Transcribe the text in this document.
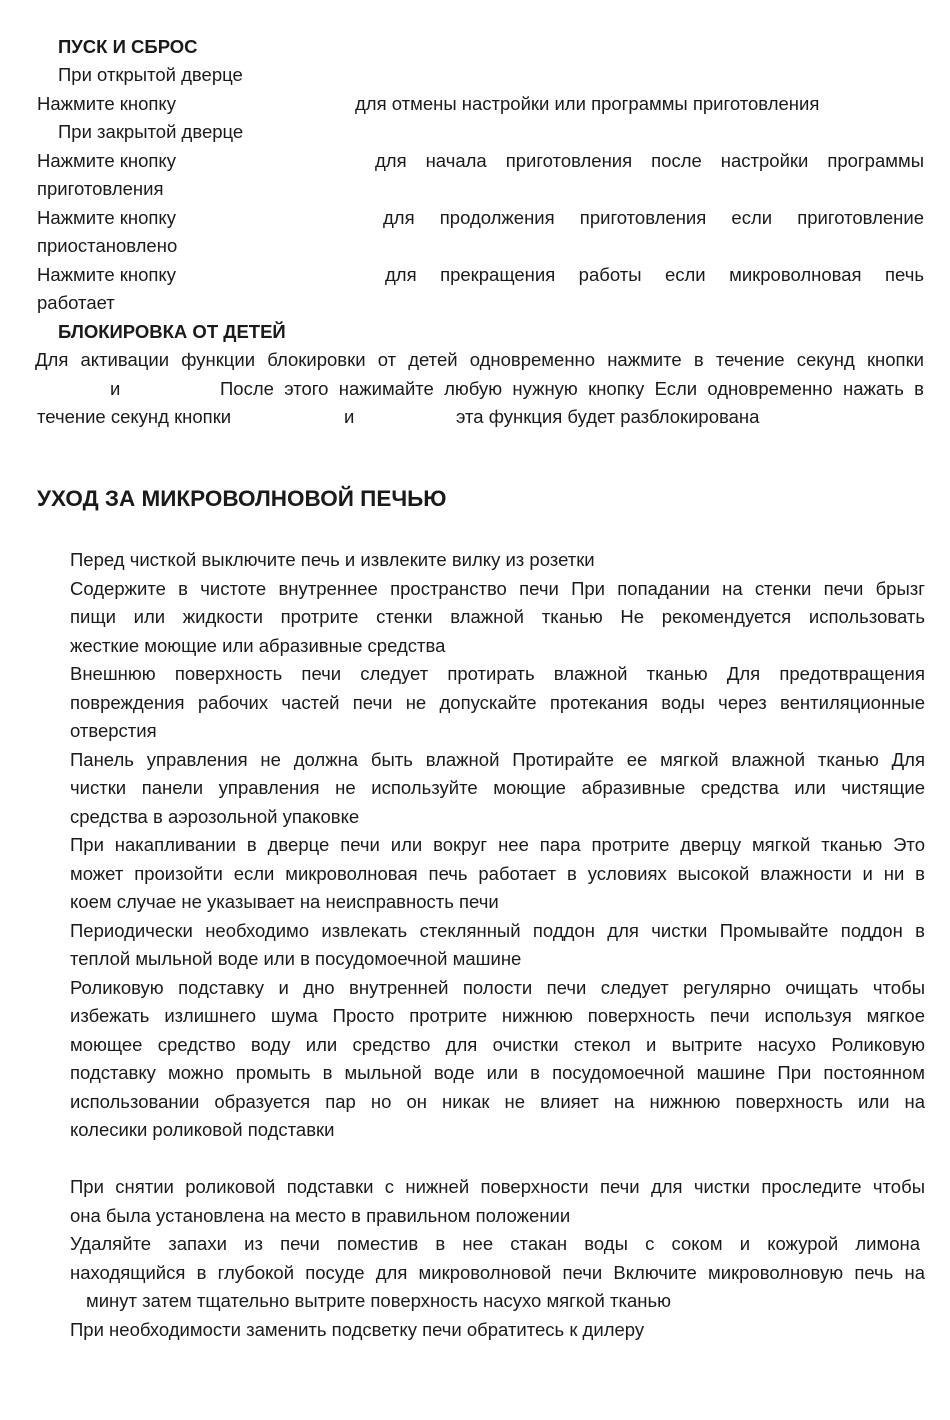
ПУСК И СБРОС
При открытой дверце
Нажмите кнопку	для отмены настройки или программы приготовления
При закрытой дверце
Нажмите кнопку	для начала приготовления после настройки программы
приготовления
Нажмите кнопку	для продолжения приготовления если приготовление
приостановлено
Нажмите кнопку	для прекращения работы если микроволновая печь
работает
БЛОКИРОВКА ОТ ДЕТЕЙ
Для активации функции блокировки от детей одновременно нажмите в течение секунд кнопки
и	После этого нажимайте любую нужную кнопку Если одновременно нажать в
течение секунд кнопки	и	эта функция будет разблокирована
УХОД ЗА МИКРОВОЛНОВОЙ ПЕЧЬЮ
Перед чисткой выключите печь и извлеките вилку из розетки
Содержите в чистоте внутреннее пространство печи При попадании на стенки печи брызг
пищи или жидкости протрите стенки влажной тканью Не рекомендуется использовать
жесткие моющие или абразивные средства
Внешнюю поверхность печи следует протирать влажной тканью Для предотвращения
повреждения рабочих частей печи не допускайте протекания воды через вентиляционные
отверстия
Панель управления не должна быть влажной Протирайте ее мягкой влажной тканью Для
чистки панели управления не используйте моющие абразивные средства или чистящие
средства в аэрозольной упаковке
При накапливании в дверце печи или вокруг нее пара протрите дверцу мягкой тканью Это
может произойти если микроволновая печь работает в условиях высокой влажности и ни в
коем случае не указывает на неисправность печи
Периодически необходимо извлекать стеклянный поддон для чистки Промывайте поддон в
теплой мыльной воде или в посудомоечной машине
Роликовую подставку и дно внутренней полости печи следует регулярно очищать чтобы
избежать излишнего шума Просто протрите нижнюю поверхность печи используя мягкое
моющее средство воду или средство для очистки стекол и вытрите насухо Роликовую
подставку можно промыть в мыльной воде или в посудомоечной машине При постоянном
использовании образуется пар но он никак не влияет на нижнюю поверхность или на
колесики роликовой подставки
При снятии роликовой подставки с нижней поверхности печи для чистки проследите чтобы
она была установлена на место в правильном положении
Удаляйте запахи из печи поместив в нее стакан воды с соком и кожурой лимона
находящийся в глубокой посуде для микроволновой печи Включите микроволновую печь на
минут затем тщательно вытрите поверхность насухо мягкой тканью
При необходимости заменить подсветку печи обратитесь к дилеру
